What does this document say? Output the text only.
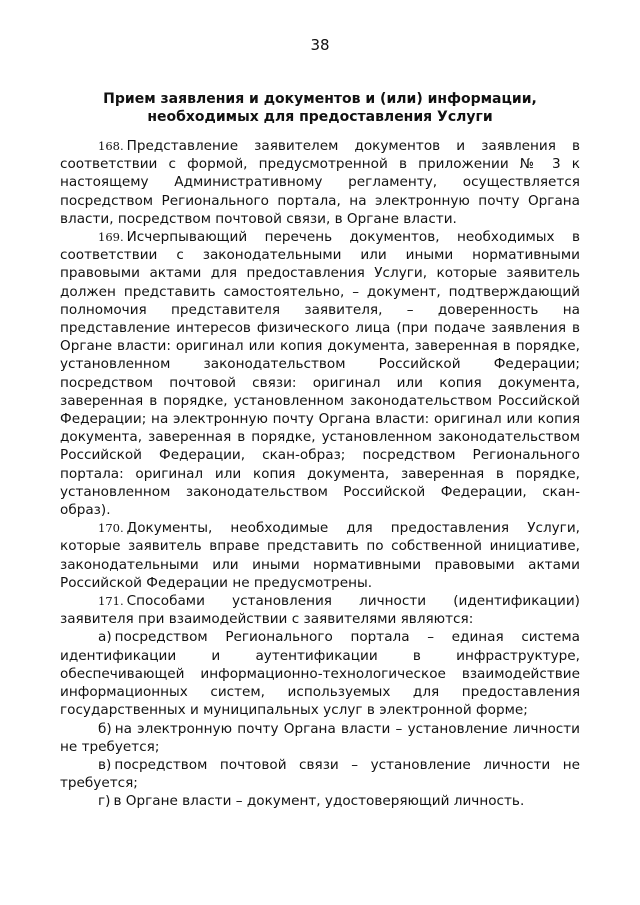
38
Прием заявления и документов и (или) информации,
необходимых для предоставления Услуги

168. Представление заявителем документов и заявления в соответствии с формой, предусмотренной в приложении № 3 к настоящему Административному регламенту, осуществляется посредством Регионального портала, на электронную почту Органа власти, посредством почтовой связи, в Органе власти.

169. Исчерпывающий перечень документов, необходимых в соответствии с законодательными или иными нормативными правовыми актами для предоставления Услуги, которые заявитель должен представить самостоятельно, – документ, подтверждающий полномочия представителя заявителя, – доверенность на представление интересов физического лица (при подаче заявления в Органе власти: оригинал или копия документа, заверенная в порядке, установленном законодательством Российской Федерации; посредством почтовой связи: оригинал или копия документа, заверенная в порядке, установленном законодательством Российской Федерации; на электронную почту Органа власти: оригинал или копия документа, заверенная в порядке, установленном законодательством Российской Федерации, скан-образ; посредством Регионального портала: оригинал или копия документа, заверенная в порядке, установленном законодательством Российской Федерации, скан-образ).

170. Документы, необходимые для предоставления Услуги, которые заявитель вправе представить по собственной инициативе, законодательными или иными нормативными правовыми актами Российской Федерации не предусмотрены.

171. Способами установления личности (идентификации) заявителя при взаимодействии с заявителями являются:

а) посредством Регионального портала – единая система идентификации и аутентификации в инфраструктуре, обеспечивающей информационно-технологическое взаимодействие информационных систем, используемых для предоставления государственных и муниципальных услуг в электронной форме;

б) на электронную почту Органа власти – установление личности не требуется;

в) посредством почтовой связи – установление личности не требуется;

г) в Органе власти – документ, удостоверяющий личность.
